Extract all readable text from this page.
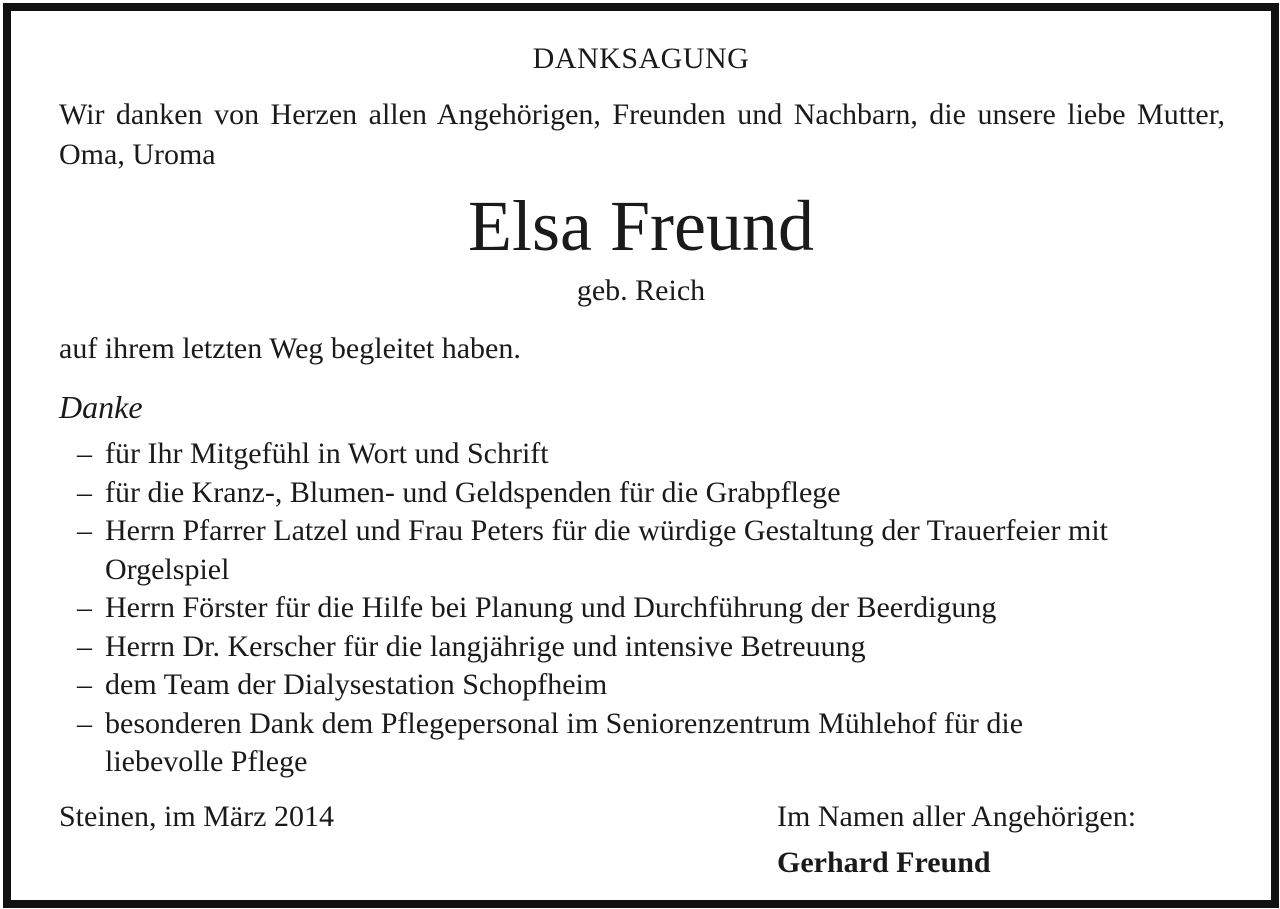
DANKSAGUNG
Wir danken von Herzen allen Angehörigen, Freunden und Nachbarn, die unsere liebe Mutter, Oma, Uroma
Elsa Freund
geb. Reich
auf ihrem letzten Weg begleitet haben.
Danke
– für Ihr Mitgefühl in Wort und Schrift
– für die Kranz-, Blumen- und Geldspenden für die Grabpflege
– Herrn Pfarrer Latzel und Frau Peters für die würdige Gestaltung der Trauerfeier mit Orgelspiel
– Herrn Förster für die Hilfe bei Planung und Durchführung der Beerdigung
– Herrn Dr. Kerscher für die langjährige und intensive Betreuung
– dem Team der Dialysestation Schopfheim
– besonderen Dank dem Pflegepersonal im Seniorenzentrum Mühlehof für die liebevolle Pflege
Steinen, im März 2014	Im Namen aller Angehörigen:
Gerhard Freund
